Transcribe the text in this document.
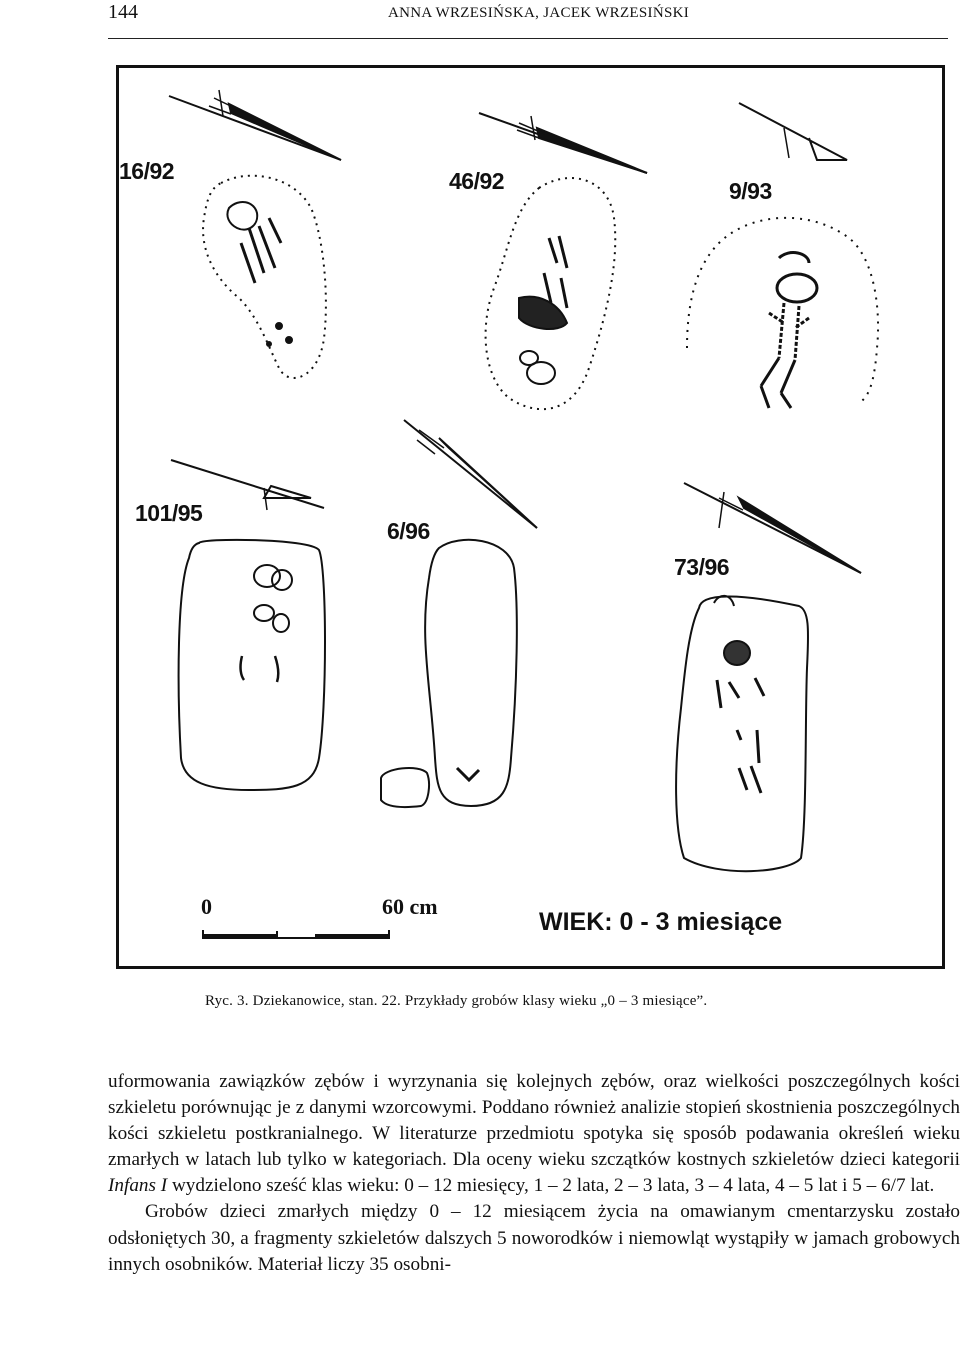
144	ANNA WRZESIŃSKA, JACEK WRZESIŃSKI
16/92	46/92	9/93
101/95
6/96
73/96
0	60 cm
WIEK: 0 - 3 miesiące
Ryc. 3. Dziekanowice, stan. 22. Przykłady grobów klasy wieku „0 – 3 miesiące”.

uformowania zawiązków zębów i wyrzynania się kolejnych zębów, oraz wielkości poszczególnych kości szkieletu porównując je z danymi wzorcowymi. Poddano również analizie stopień skostnienia poszczególnych kości szkieletu postkranialnego. W literaturze przedmiotu spotyka się sposób podawania określeń wieku zmarłych w latach lub tylko w kategoriach. Dla oceny wieku szczątków kostnych szkieletów dzieci kategorii Infans I wydzielono sześć klas wieku: 0 – 12 miesięcy, 1 – 2 lata, 2 – 3 lata, 3 – 4 lata, 4 – 5 lat i 5 – 6/7 lat.

Grobów dzieci zmarłych między 0 – 12 miesiącem życia na omawianym cmentarzysku zostało odsłoniętych 30, a fragmenty szkieletów dalszych 5 noworodków i niemowląt wystąpiły w jamach grobowych innych osobników. Materiał liczy 35 osobni-
